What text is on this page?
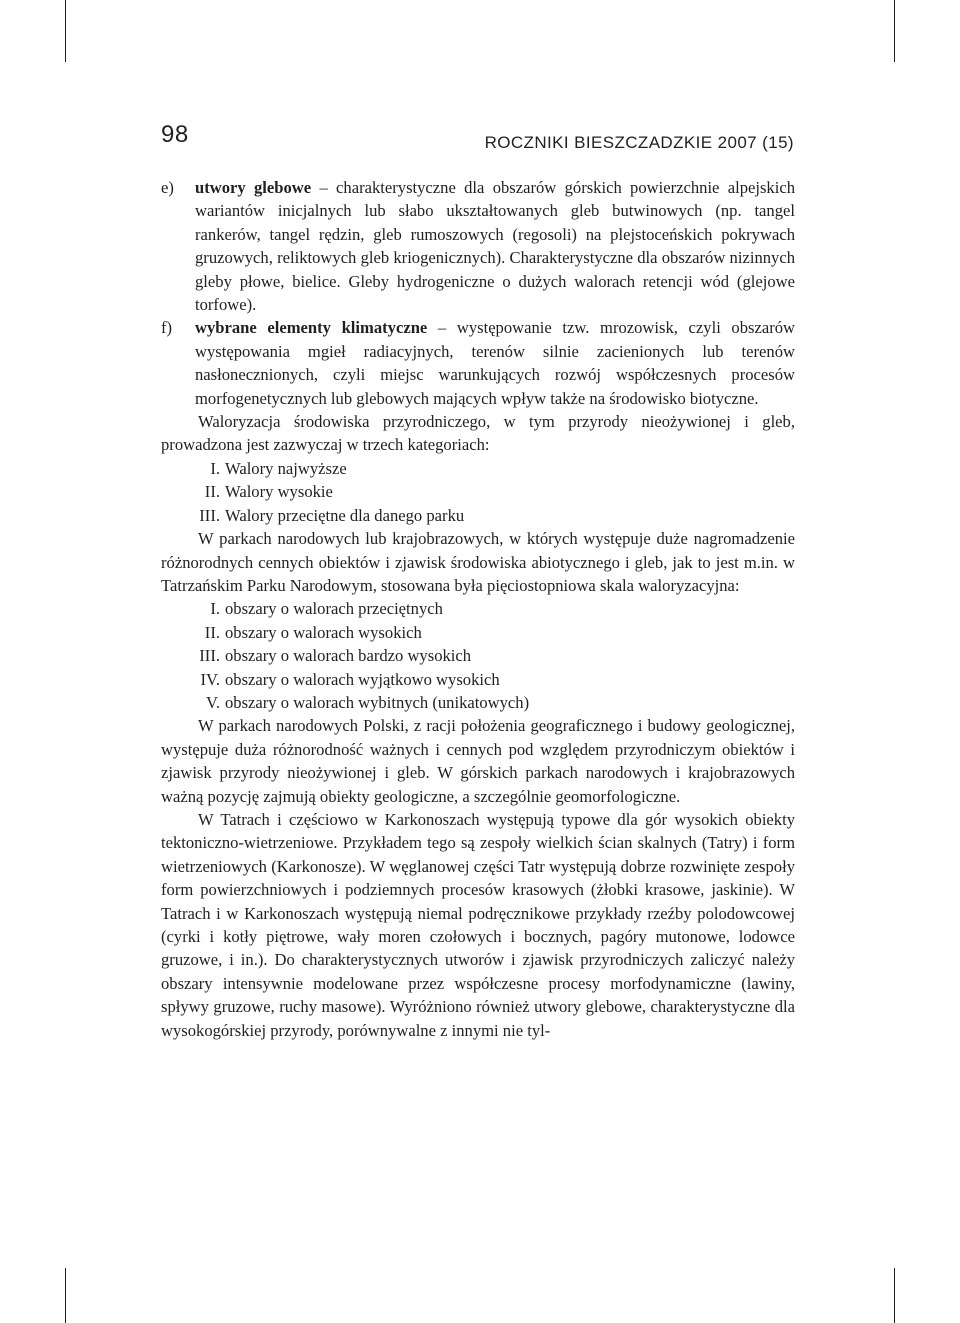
98	ROCZNIKI BIESZCZADZKIE 2007 (15)
e)	utwory glebowe – charakterystyczne dla obszarów górskich powierzchnie alpejskich wariantów inicjalnych lub słabo ukształtowanych gleb butwinowych (np. tangel rankerów, tangel rędzin, gleb rumoszowych (regosoli) na plejstoceńskich pokrywach gruzowych, reliktowych gleb kriogenicznych). Charakterystyczne dla obszarów nizinnych gleby płowe, bielice. Gleby hydrogeniczne o dużych walorach retencji wód (glejowe torfowe).
f)	wybrane elementy klimatyczne – występowanie tzw. mrozowisk, czyli obszarów występowania mgieł radiacyjnych, terenów silnie zacienionych lub terenów nasłonecznionych, czyli miejsc warunkujących rozwój współczesnych procesów morfogenetycznych lub glebowych mających wpływ także na środowisko biotyczne.

Waloryzacja środowiska przyrodniczego, w tym przyrody nieożywionej i gleb, prowadzona jest zazwyczaj w trzech kategoriach:

I. Walory najwyższe
II. Walory wysokie
III. Walory przeciętne dla danego parku

W parkach narodowych lub krajobrazowych, w których występuje duże nagromadzenie różnorodnych cennych obiektów i zjawisk środowiska abiotycznego i gleb, jak to jest m.in. w Tatrzańskim Parku Narodowym, stosowana była pięciostopniowa skala waloryzacyjna:

I. obszary o walorach przeciętnych
II. obszary o walorach wysokich
III. obszary o walorach bardzo wysokich
IV. obszary o walorach wyjątkowo wysokich
V. obszary o walorach wybitnych (unikatowych)

W parkach narodowych Polski, z racji położenia geograficznego i budowy geologicznej, występuje duża różnorodność ważnych i cennych pod względem przyrodniczym obiektów i zjawisk przyrody nieożywionej i gleb. W górskich parkach narodowych i krajobrazowych ważną pozycję zajmują obiekty geologiczne, a szczególnie geomorfologiczne.

W Tatrach i częściowo w Karkonoszach występują typowe dla gór wysokich obiekty tektoniczno-wietrzeniowe. Przykładem tego są zespoły wielkich ścian skalnych (Tatry) i form wietrzeniowych (Karkonosze). W węglanowej części Tatr występują dobrze rozwinięte zespoły form powierzchniowych i podziemnych procesów krasowych (żłobki krasowe, jaskinie). W Tatrach i w Karkonoszach występują niemal podręcznikowe przykłady rzeźby polodowcowej (cyrki i kotły piętrowe, wały moren czołowych i bocznych, pagóry mutonowe, lodowce gruzowe, i in.). Do charakterystycznych utworów i zjawisk przyrodniczych zaliczyć należy obszary intensywnie modelowane przez współczesne procesy morfodynamiczne (lawiny, spływy gruzowe, ruchy masowe). Wyróżniono również utwory glebowe, charakterystyczne dla wysokogórskiej przyrody, porównywalne z innymi nie tyl-
